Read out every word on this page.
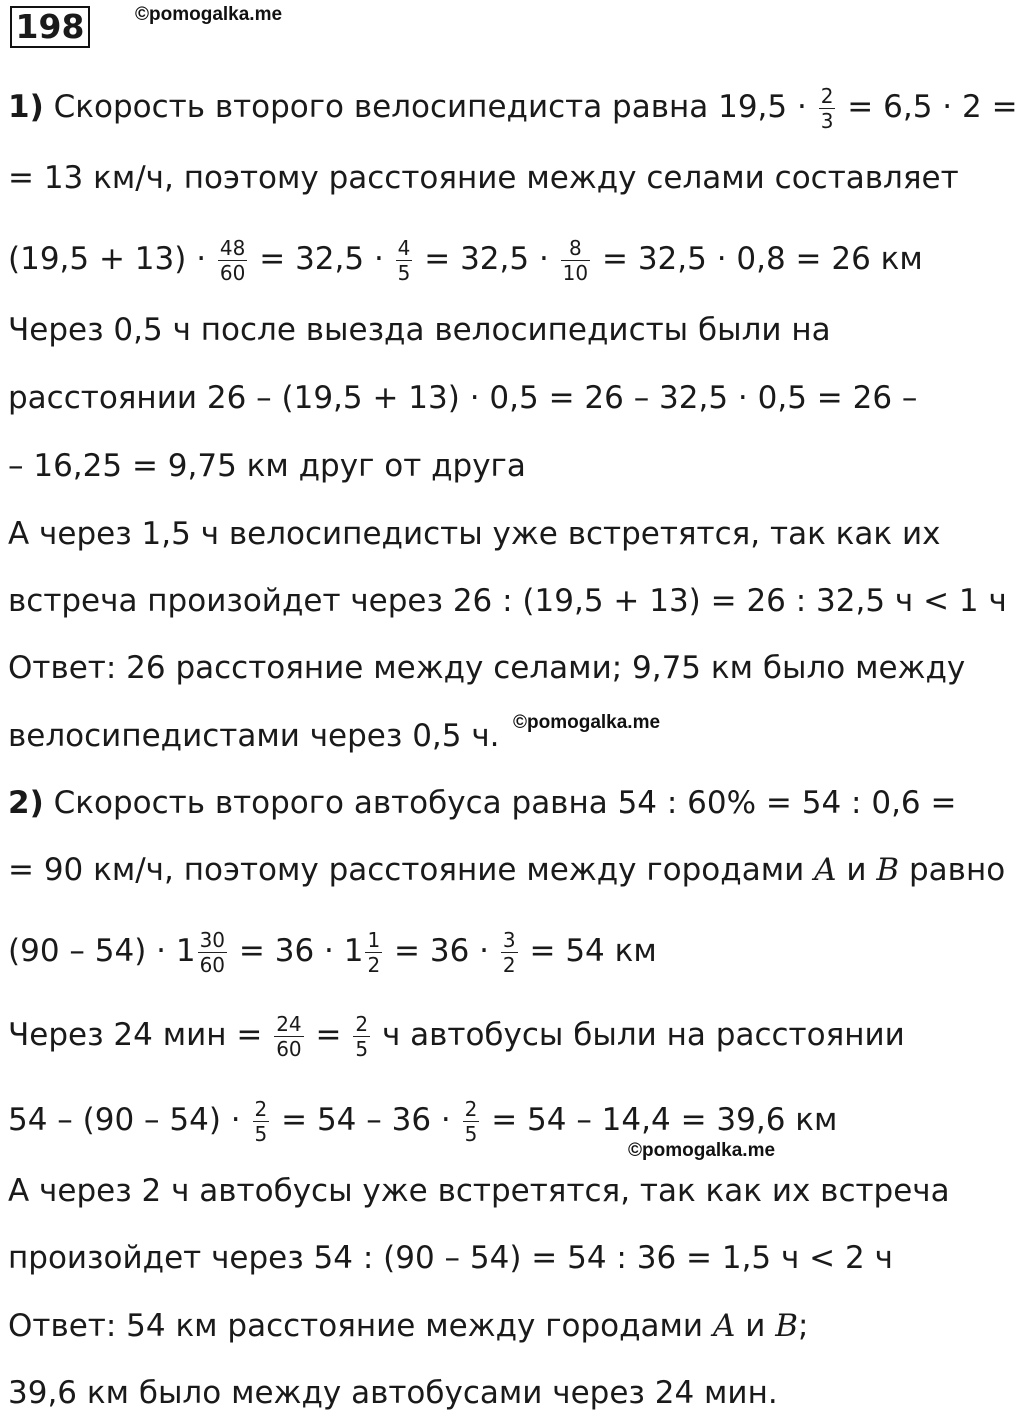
198	©pomogalka.me
©pomogalka.me
©pomogalka.me
1) Скорость второго велосипедиста равна $19,5 \cdot \frac{2}{3} = 6,5 \cdot 2$ =
= 13 км/ч, поэтому расстояние между селами составляет
$(19,5 + 13) \cdot \frac{48}{60} = 32,5 \cdot \frac{4}{5} = 32,5 \cdot \frac{8}{10} = 32,5 \cdot 0,8 = 26$ км
Через 0,5 ч после выезда велосипедисты были на
расстоянии 26 – (19,5 + 13) · 0,5 = 26 – 32,5 · 0,5 = 26 –
– 16,25 = 9,75 км друг от друга
А через 1,5 ч велосипедисты уже встретятся, так как их
встреча произойдет через 26 : (19,5 + 13) = 26 : 32,5 ч < 1 ч
Ответ: 26 расстояние между селами; 9,75 км было между
велосипедистами через 0,5 ч.
2) Скорость второго автобуса равна 54 : 60% = 54 : 0,6 =
= 90 км/ч, поэтому расстояние между городами A и B равно
$(90 - 54) \cdot 1 \frac{30}{60} = 36 \cdot 1 \frac{1}{2} = 36 \cdot \frac{3}{2} = 54$ км
Через 24 мин = $\frac{24}{60} = \frac{2}{5}$ ч автобусы были на расстоянии
$54 - (90 - 54) \cdot \frac{2}{5} = 54 - 36 \cdot \frac{2}{5} = 54 - 14,4 = 39,6$ км
А через 2 ч автобусы уже встретятся, так как их встреча
произойдет через 54 : (90 – 54) = 54 : 36 = 1,5 ч < 2 ч
Ответ: 54 км расстояние между городами A и B;
39,6 км было между автобусами через 24 мин.
